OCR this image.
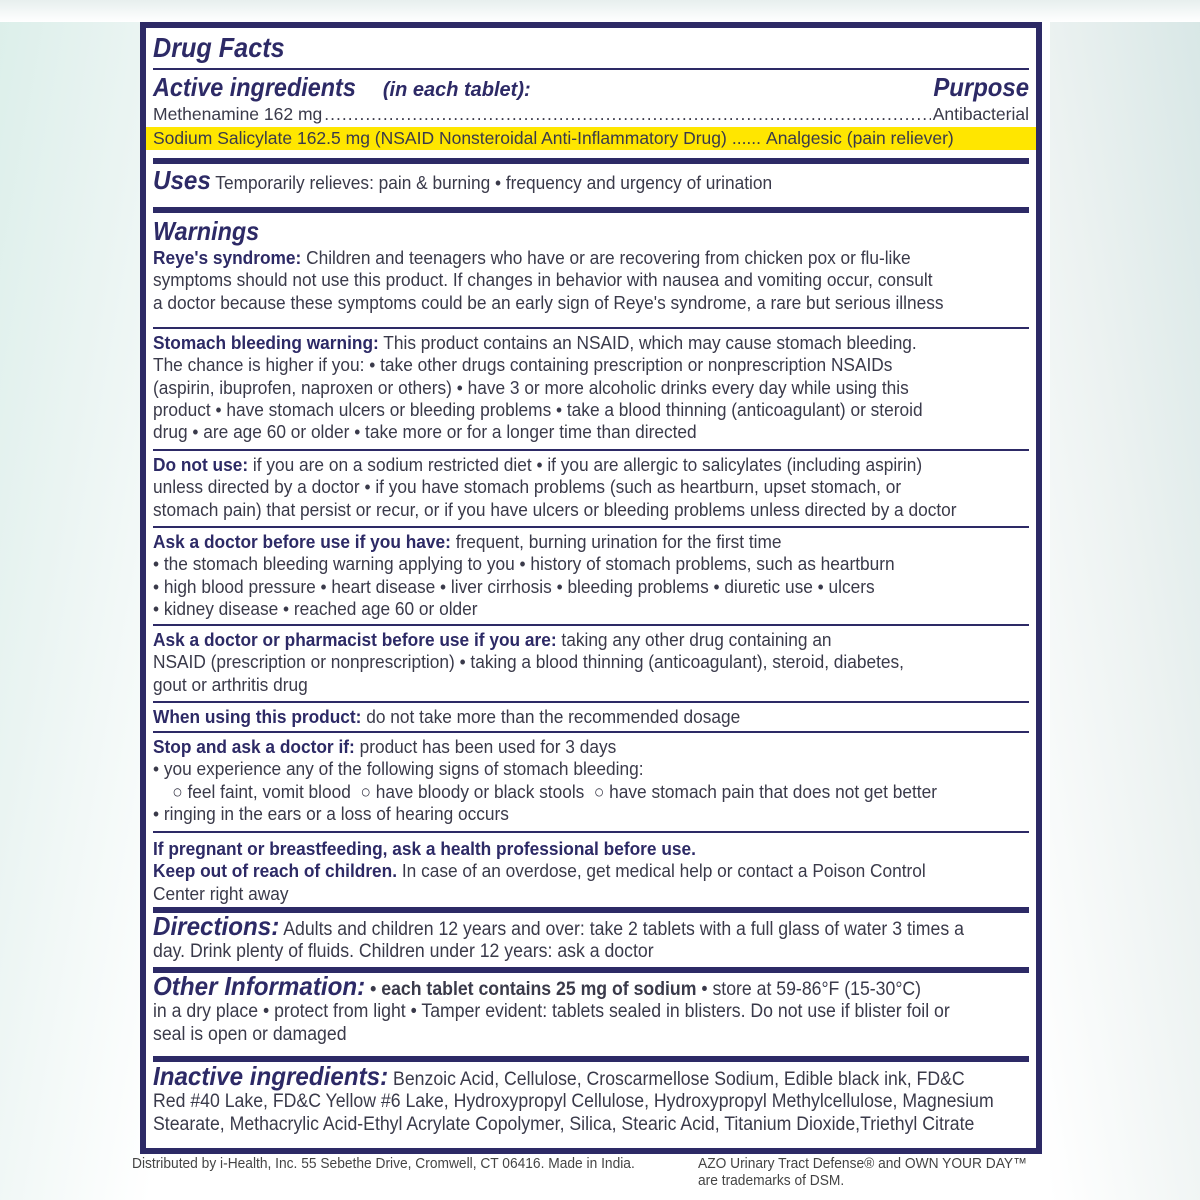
Drug Facts
Active ingredients (in each tablet):	Purpose
Methenamine 162 mg
.....	Antibacterial
Sodium Salicylate 162.5 mg (NSAID Nonsteroidal Anti-Inflammatory Drug) ...... Analgesic (pain reliever)
Uses Temporarily relieves: pain & burning • frequency and urgency of urination
Warnings
Reye's syndrome: Children and teenagers who have or are recovering from chicken pox or flu-like
symptoms should not use this product. If changes in behavior with nausea and vomiting occur, consult
a doctor because these symptoms could be an early sign of Reye's syndrome, a rare but serious illness
Stomach bleeding warning: This product contains an NSAID, which may cause stomach bleeding.
The chance is higher if you: • take other drugs containing prescription or nonprescription NSAIDs
(aspirin, ibuprofen, naproxen or others) • have 3 or more alcoholic drinks every day while using this
product • have stomach ulcers or bleeding problems • take a blood thinning (anticoagulant) or steroid
drug • are age 60 or older • take more or for a longer time than directed
Do not use: if you are on a sodium restricted diet • if you are allergic to salicylates (including aspirin)
unless directed by a doctor • if you have stomach problems (such as heartburn, upset stomach, or
stomach pain) that persist or recur, or if you have ulcers or bleeding problems unless directed by a doctor
Ask a doctor before use if you have: frequent, burning urination for the first time
• the stomach bleeding warning applying to you • history of stomach problems, such as heartburn
• high blood pressure • heart disease • liver cirrhosis • bleeding problems • diuretic use • ulcers
• kidney disease • reached age 60 or older
Ask a doctor or pharmacist before use if you are: taking any other drug containing an
NSAID (prescription or nonprescription) • taking a blood thinning (anticoagulant), steroid, diabetes,
gout or arthritis drug
When using this product: do not take more than the recommended dosage
Stop and ask a doctor if: product has been used for 3 days
• you experience any of the following signs of stomach bleeding:
○ feel faint, vomit blood  ○ have bloody or black stools  ○ have stomach pain that does not get better
• ringing in the ears or a loss of hearing occurs
If pregnant or breastfeeding, ask a health professional before use.
Keep out of reach of children. In case of an overdose, get medical help or contact a Poison Control
Center right away
Directions: Adults and children 12 years and over: take 2 tablets with a full glass of water 3 times a
day. Drink plenty of fluids. Children under 12 years: ask a doctor
Other Information: • each tablet contains 25 mg of sodium • store at 59-86°F (15-30°C)
in a dry place • protect from light • Tamper evident: tablets sealed in blisters. Do not use if blister foil or
seal is open or damaged
Inactive ingredients: Benzoic Acid, Cellulose, Croscarmellose Sodium, Edible black ink, FD&C
Red #40 Lake, FD&C Yellow #6 Lake, Hydroxypropyl Cellulose, Hydroxypropyl Methylcellulose, Magnesium
Stearate, Methacrylic Acid-Ethyl Acrylate Copolymer, Silica, Stearic Acid, Titanium Dioxide,Triethyl Citrate
Distributed by i-Health, Inc. 55 Sebethe Drive, Cromwell, CT 06416. Made in India.	AZO Urinary Tract Defense® and OWN YOUR DAY™
are trademarks of DSM.
